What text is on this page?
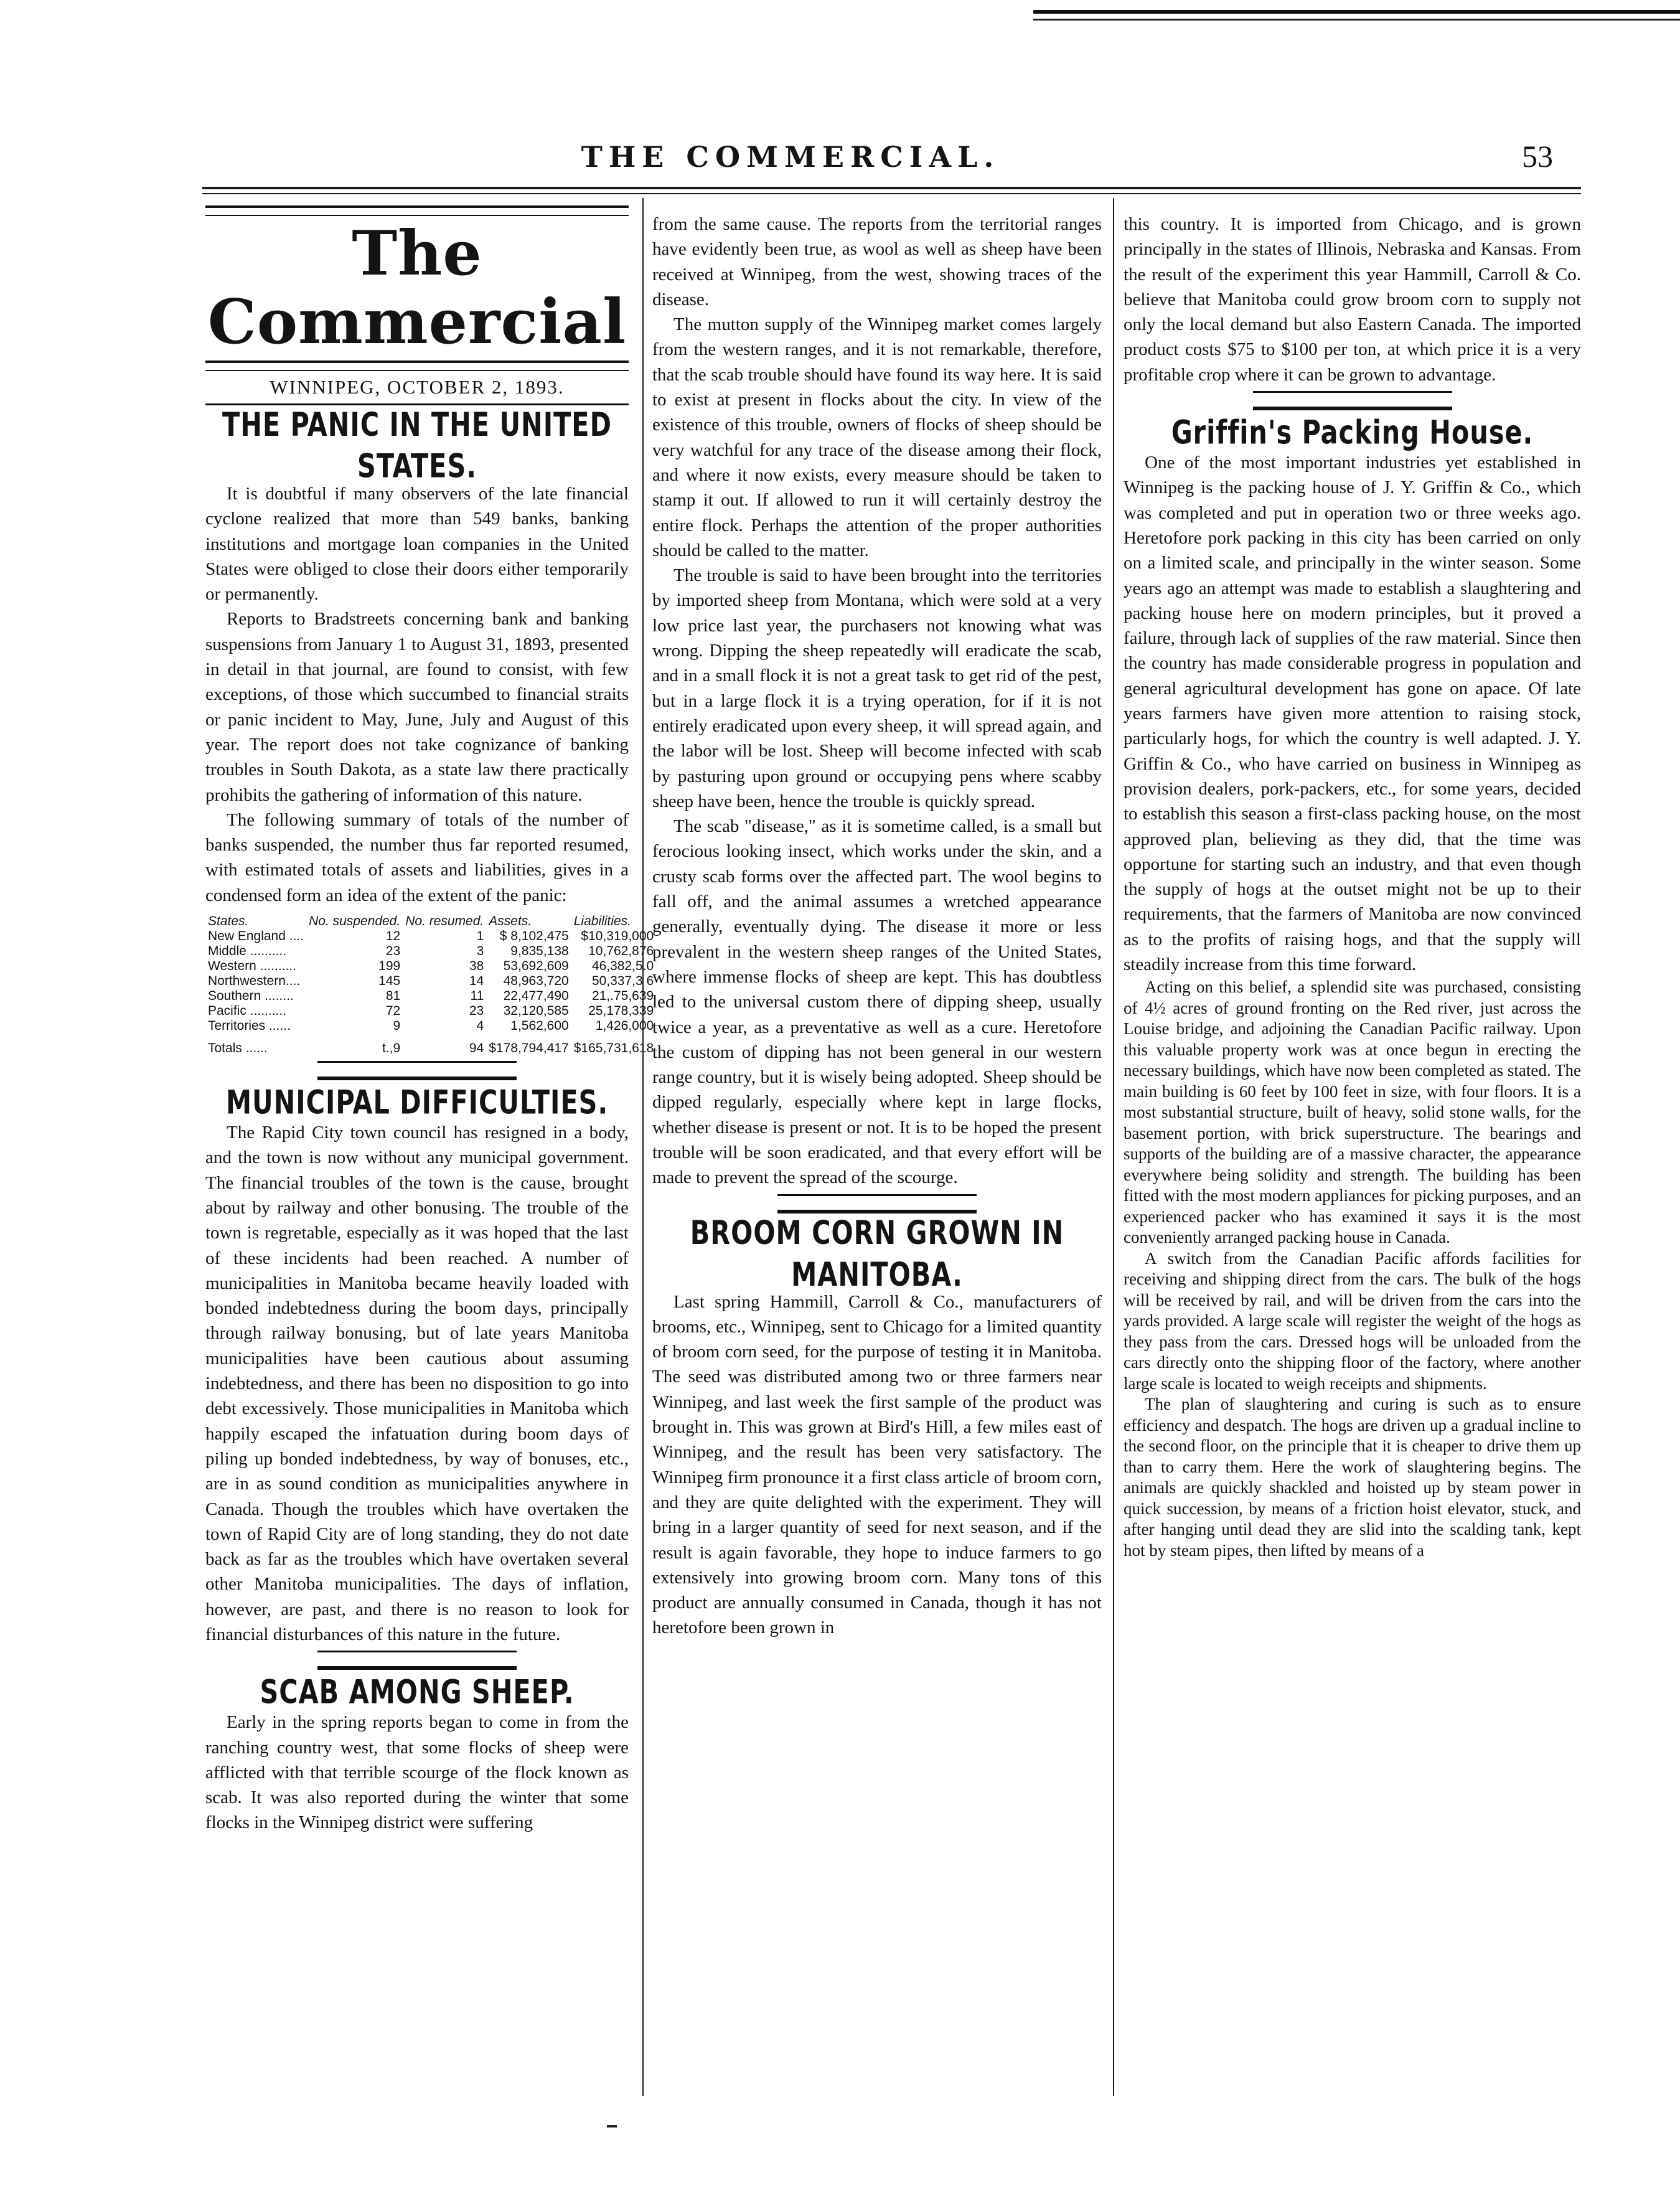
THE COMMERCIAL.	53
The Commercial

WINNIPEG, OCTOBER 2, 1893.

THE PANIC IN THE UNITED STATES.

It is doubtful if many observers of the late financial cyclone realized that more than 549 banks, banking institutions and mortgage loan companies in the United States were obliged to close their doors either temporarily or permanently.

Reports to Bradstreets concerning bank and banking suspensions from January 1 to August 31, 1893, presented in detail in that journal, are found to consist, with few exceptions, of those which succumbed to financial straits or panic incident to May, June, July and August of this year. The report does not take cognizance of banking troubles in South Dakota, as a state law there practically prohibits the gathering of information of this nature.

The following summary of totals of the number of banks suspended, the number thus far reported resumed, with estimated totals of assets and liabilities, gives in a condensed form an idea of the extent of the panic:

States.	No. suspended.	No. resumed.	Assets.	Liabilities.
New England ....	12	1	$ 8,102,475	$10,319,000
Middle ..........	23	3	9,835,138	10,762,876
Western ..........	199	38	53,692,609	46,382,5.0
Northwestern....	145	14	48,963,720	50,337,3 6
Southern ........	81	11	22,477,490	21,.75,639
Pacific ..........	72	23	32,120,585	25,178,339
Territories ......	9	4	1,562,600	1,426,000
Totals ......	t.,9	94	$178,794,417	$165,731,618
MUNICIPAL DIFFICULTIES.

The Rapid City town council has resigned in a body, and the town is now without any municipal government. The financial troubles of the town is the cause, brought about by railway and other bonusing. The trouble of the town is regretable, especially as it was hoped that the last of these incidents had been reached. A number of municipalities in Manitoba became heavily loaded with bonded indebtedness during the boom days, principally through railway bonusing, but of late years Manitoba municipalities have been cautious about assuming indebtedness, and there has been no disposition to go into debt excessively. Those municipalities in Manitoba which happily escaped the infatuation during boom days of piling up bonded indebtedness, by way of bonuses, etc., are in as sound condition as municipalities anywhere in Canada. Though the troubles which have overtaken the town of Rapid City are of long standing, they do not date back as far as the troubles which have overtaken several other Manitoba municipalities. The days of inflation, however, are past, and there is no reason to look for financial disturbances of this nature in the future.

SCAB AMONG SHEEP.

Early in the spring reports began to come in from the ranching country west, that some flocks of sheep were afflicted with that terrible scourge of the flock known as scab. It was also reported during the winter that some flocks in the Winnipeg district were suffering

from the same cause. The reports from the territorial ranges have evidently been true, as wool as well as sheep have been received at Winnipeg, from the west, showing traces of the disease.

The mutton supply of the Winnipeg market comes largely from the western ranges, and it is not remarkable, therefore, that the scab trouble should have found its way here. It is said to exist at present in flocks about the city. In view of the existence of this trouble, owners of flocks of sheep should be very watchful for any trace of the disease among their flock, and where it now exists, every measure should be taken to stamp it out. If allowed to run it will certainly destroy the entire flock. Perhaps the attention of the proper authorities should be called to the matter.

The trouble is said to have been brought into the territories by imported sheep from Montana, which were sold at a very low price last year, the purchasers not knowing what was wrong. Dipping the sheep repeatedly will eradicate the scab, and in a small flock it is not a great task to get rid of the pest, but in a large flock it is a trying operation, for if it is not entirely eradicated upon every sheep, it will spread again, and the labor will be lost. Sheep will become infected with scab by pasturing upon ground or occupying pens where scabby sheep have been, hence the trouble is quickly spread.

The scab "disease," as it is sometime called, is a small but ferocious looking insect, which works under the skin, and a crusty scab forms over the affected part. The wool begins to fall off, and the animal assumes a wretched appearance generally, eventually dying. The disease it more or less prevalent in the western sheep ranges of the United States, where immense flocks of sheep are kept. This has doubtless led to the universal custom there of dipping sheep, usually twice a year, as a preventative as well as a cure. Heretofore the custom of dipping has not been general in our western range country, but it is wisely being adopted. Sheep should be dipped regularly, especially where kept in large flocks, whether disease is present or not. It is to be hoped the present trouble will be soon eradicated, and that every effort will be made to prevent the spread of the scourge.

BROOM CORN GROWN IN MANITOBA.

Last spring Hammill, Carroll & Co., manufacturers of brooms, etc., Winnipeg, sent to Chicago for a limited quantity of broom corn seed, for the purpose of testing it in Manitoba. The seed was distributed among two or three farmers near Winnipeg, and last week the first sample of the product was brought in. This was grown at Bird's Hill, a few miles east of Winnipeg, and the result has been very satisfactory. The Winnipeg firm pronounce it a first class article of broom corn, and they are quite delighted with the experiment. They will bring in a larger quantity of seed for next season, and if the result is again favorable, they hope to induce farmers to go extensively into growing broom corn. Many tons of this product are annually consumed in Canada, though it has not heretofore been grown in

this country. It is imported from Chicago, and is grown principally in the states of Illinois, Nebraska and Kansas. From the result of the experiment this year Hammill, Carroll & Co. believe that Manitoba could grow broom corn to supply not only the local demand but also Eastern Canada. The imported product costs $75 to $100 per ton, at which price it is a very profitable crop where it can be grown to advantage.

Griffin's Packing House.

One of the most important industries yet established in Winnipeg is the packing house of J. Y. Griffin & Co., which was completed and put in operation two or three weeks ago. Heretofore pork packing in this city has been carried on only on a limited scale, and principally in the winter season. Some years ago an attempt was made to establish a slaughtering and packing house here on modern principles, but it proved a failure, through lack of supplies of the raw material. Since then the country has made considerable progress in population and general agricultural development has gone on apace. Of late years farmers have given more attention to raising stock, particularly hogs, for which the country is well adapted. J. Y. Griffin & Co., who have carried on business in Winnipeg as provision dealers, pork-packers, etc., for some years, decided to establish this season a first-class packing house, on the most approved plan, believing as they did, that the time was opportune for starting such an industry, and that even though the supply of hogs at the outset might not be up to their requirements, that the farmers of Manitoba are now convinced as to the profits of raising hogs, and that the supply will steadily increase from this time forward.

Acting on this belief, a splendid site was purchased, consisting of 4½ acres of ground fronting on the Red river, just across the Louise bridge, and adjoining the Canadian Pacific railway. Upon this valuable property work was at once begun in erecting the necessary buildings, which have now been completed as stated. The main building is 60 feet by 100 feet in size, with four floors. It is a most substantial structure, built of heavy, solid stone walls, for the basement portion, with brick superstructure. The bearings and supports of the building are of a massive character, the appearance everywhere being solidity and strength. The building has been fitted with the most modern appliances for picking purposes, and an experienced packer who has examined it says it is the most conveniently arranged packing house in Canada.

A switch from the Canadian Pacific affords facilities for receiving and shipping direct from the cars. The bulk of the hogs will be received by rail, and will be driven from the cars into the yards provided. A large scale will register the weight of the hogs as they pass from the cars. Dressed hogs will be unloaded from the cars directly onto the shipping floor of the factory, where another large scale is located to weigh receipts and shipments.

The plan of slaughtering and curing is such as to ensure efficiency and despatch. The hogs are driven up a gradual incline to the second floor, on the principle that it is cheaper to drive them up than to carry them. Here the work of slaughtering begins. The animals are quickly shackled and hoisted up by steam power in quick succession, by means of a friction hoist elevator, stuck, and after hanging until dead they are slid into the scalding tank, kept hot by steam pipes, then lifted by means of a
